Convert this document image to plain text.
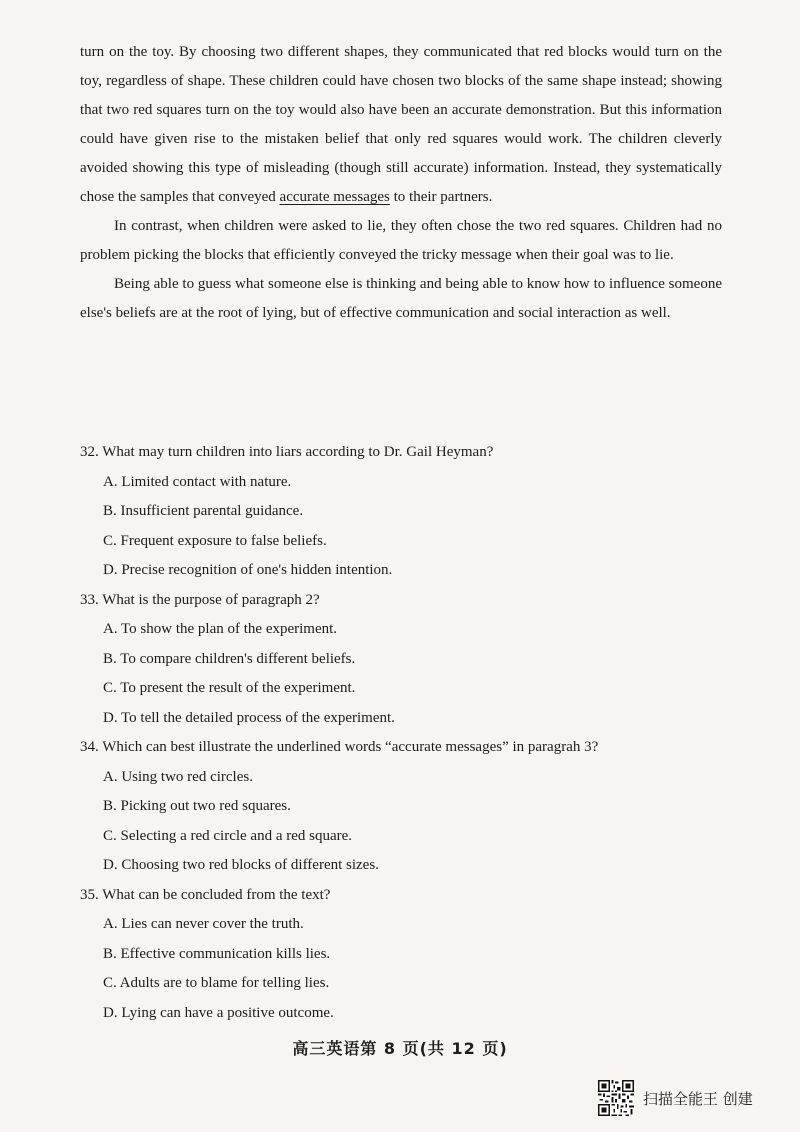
turn on the toy. By choosing two different shapes, they communicated that red blocks would turn on the toy, regardless of shape. These children could have chosen two blocks of the same shape instead; showing that two red squares turn on the toy would also have been an accurate demonstration. But this information could have given rise to the mistaken belief that only red squares would work. The children cleverly avoided showing this type of misleading (though still accurate) information. Instead, they systematically chose the samples that conveyed accurate messages to their partners.

In contrast, when children were asked to lie, they often chose the two red squares. Children had no problem picking the blocks that efficiently conveyed the tricky message when their goal was to lie.

Being able to guess what someone else is thinking and being able to know how to influence someone else's beliefs are at the root of lying, but of effective communication and social interaction as well.

32. What may turn children into liars according to Dr. Gail Heyman?
A. Limited contact with nature.
B. Insufficient parental guidance.
C. Frequent exposure to false beliefs.
D. Precise recognition of one's hidden intention.
33. What is the purpose of paragraph 2?
A. To show the plan of the experiment.
B. To compare children's different beliefs.
C. To present the result of the experiment.
D. To tell the detailed process of the experiment.
34. Which can best illustrate the underlined words “accurate messages” in paragrah 3?
A. Using two red circles.
B. Picking out two red squares.
C. Selecting a red circle and a red square.
D. Choosing two red blocks of different sizes.
35. What can be concluded from the text?
A. Lies can never cover the truth.
B. Effective communication kills lies.
C. Adults are to blame for telling lies.
D. Lying can have a positive outcome.
高三英语第 8 页(共 12 页)
扫描全能王 创建
